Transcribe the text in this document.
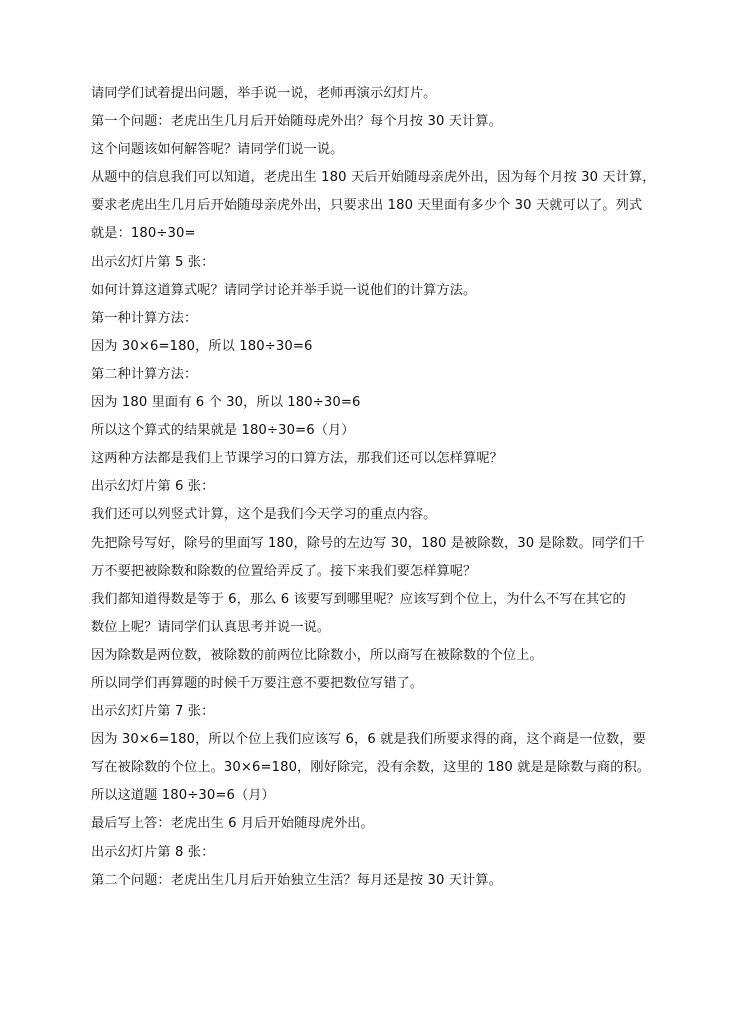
请同学们试着提出问题，举手说一说，老师再演示幻灯片。
第一个问题：老虎出生几月后开始随母虎外出？每个月按 30 天计算。
这个问题该如何解答呢？请同学们说一说。
从题中的信息我们可以知道，老虎出生 180 天后开始随母亲虎外出，因为每个月按 30 天计算，
要求老虎出生几月后开始随母亲虎外出，只要求出 180 天里面有多少个 30 天就可以了。列式
就是：180÷30=
出示幻灯片第 5 张：
如何计算这道算式呢？请同学讨论并举手说一说他们的计算方法。
第一种计算方法：
因为 30×6=180，所以 180÷30=6
第二种计算方法：
因为 180 里面有 6 个 30，所以 180÷30=6
所以这个算式的结果就是 180÷30=6（月）
这两种方法都是我们上节课学习的口算方法，那我们还可以怎样算呢？
出示幻灯片第 6 张：
我们还可以列竖式计算，这个是我们今天学习的重点内容。
先把除号写好，除号的里面写 180，除号的左边写 30，180 是被除数，30 是除数。同学们千
万不要把被除数和除数的位置给弄反了。接下来我们要怎样算呢？
我们都知道得数是等于 6，那么 6 该要写到哪里呢？应该写到个位上，为什么不写在其它的
数位上呢？请同学们认真思考并说一说。
因为除数是两位数，被除数的前两位比除数小，所以商写在被除数的个位上。
所以同学们再算题的时候千万要注意不要把数位写错了。
出示幻灯片第 7 张：
因为 30×6=180，所以个位上我们应该写 6，6 就是我们所要求得的商，这个商是一位数，要
写在被除数的个位上。30×6=180，刚好除完，没有余数，这里的 180 就是是除数与商的积。
所以这道题 180÷30=6（月）
最后写上答：老虎出生 6 月后开始随母虎外出。
出示幻灯片第 8 张：
第二个问题：老虎出生几月后开始独立生活？每月还是按 30 天计算。
